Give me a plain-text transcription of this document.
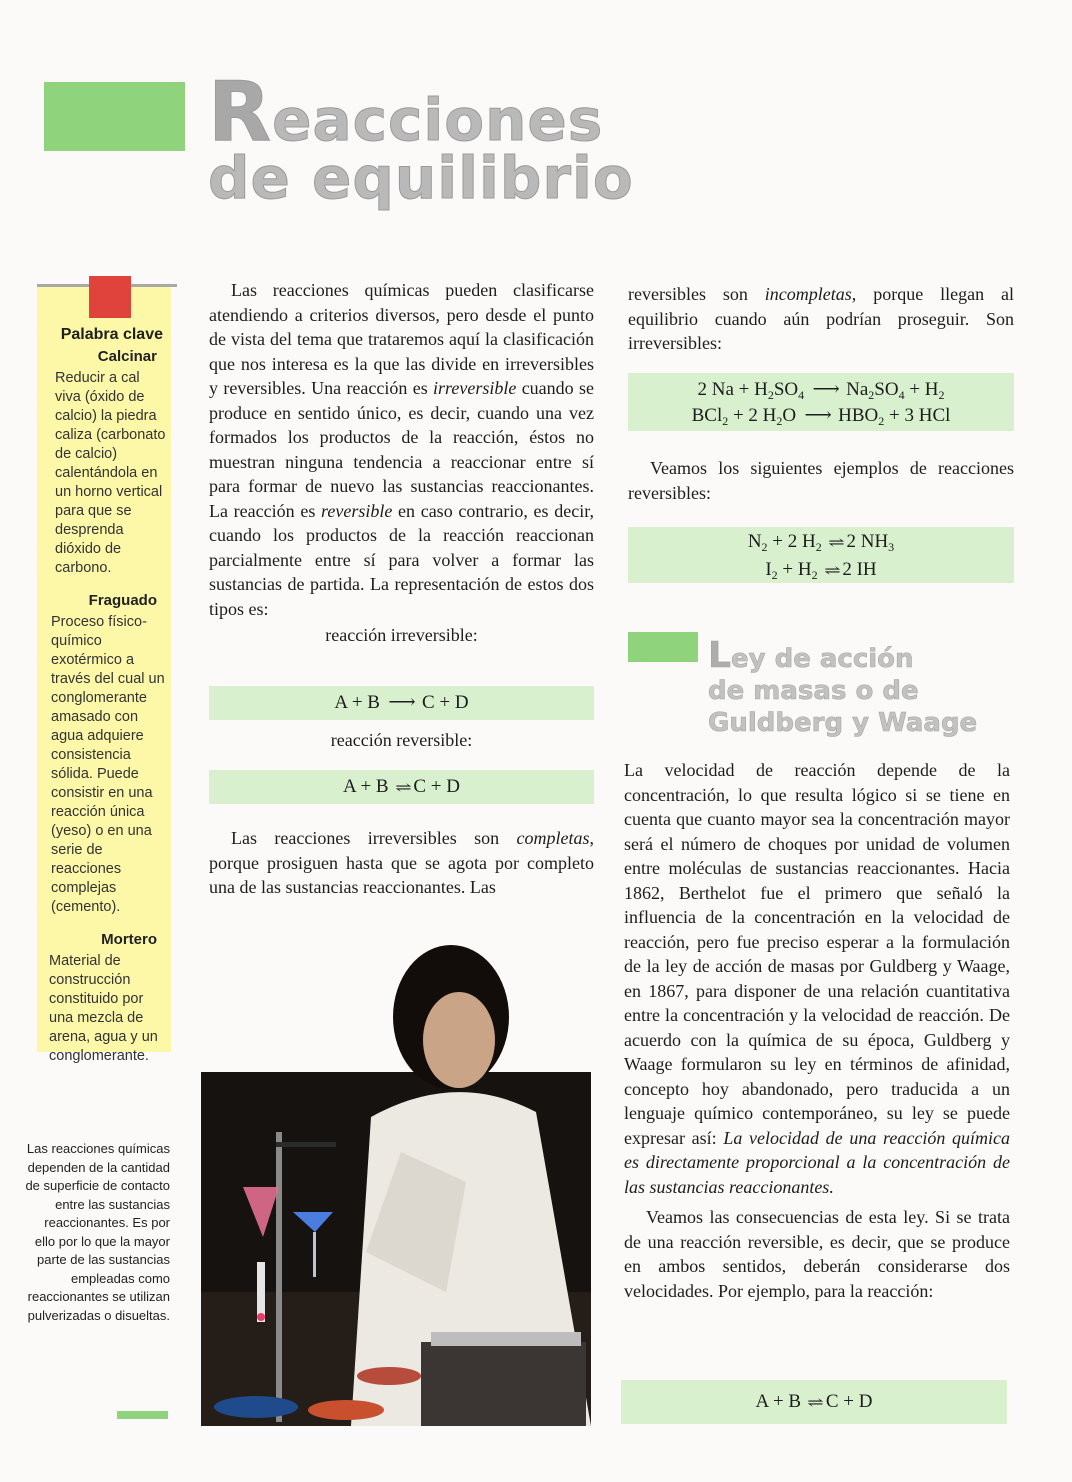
Reacciones
de equilibrio
Palabra clave
Calcinar
Reducir a cal viva (óxido de calcio) la piedra caliza (carbonato de calcio) calentándola en un horno vertical para que se desprenda dióxido de carbono.
Fraguado
Proceso físico-químico exotérmico a través del cual un conglomerante amasado con agua adquiere consistencia sólida. Puede consistir en una reacción única (yeso) o en una serie de reacciones complejas (cemento).
Mortero
Material de construcción constituido por una mezcla de arena, agua y un conglomerante.
Las reacciones químicas dependen de la cantidad de superficie de contacto entre las sustancias reaccionantes. Es por ello por lo que la mayor parte de las sustancias empleadas como reaccionantes se utilizan pulverizadas o disueltas.

Las reacciones químicas pueden clasificarse atendiendo a criterios diversos, pero desde el punto de vista del tema que trataremos aquí la clasificación que nos interesa es la que las divide en irreversibles y reversibles. Una reacción es irreversible cuando se produce en sentido único, es decir, cuando una vez formados los productos de la reacción, éstos no muestran ninguna tendencia a reaccionar entre sí para formar de nuevo las sustancias reaccionantes. La reacción es reversible en caso contrario, es decir, cuando los productos de la reacción reaccionan parcialmente entre sí para volver a formar las sustancias de partida. La representación de estos dos tipos es:

reacción irreversible:

A + B ⟶ C + D
reacción reversible:
A + B ⇌ C + D

Las reacciones irreversibles son completas, porque prosiguen hasta que se agota por completo una de las sustancias reaccionantes. Las

reversibles son incompletas, porque llegan al equilibrio cuando aún podrían proseguir. Son irreversibles:

2 $Na + H_2SO_4$ ⟶ $Na_2SO_4 + H_2$
BCl$_2$ + 2 $H_2O$ ⟶ $HBO_2 + 3$ HCl
Veamos los siguientes ejemplos de reacciones reversibles:
$N_2 + 2$ $H_2$ ⇌ 2 $NH_3$
$I_2 + H_2$ ⇌ 2 IH
Ley de acción
de masas o de
Guldberg y Waage

La velocidad de reacción depende de la concentración, lo que resulta lógico si se tiene en cuenta que cuanto mayor sea la concentración mayor será el número de choques por unidad de volumen entre moléculas de sustancias reaccionantes. Hacia 1862, Berthelot fue el primero que señaló la influencia de la concentración en la velocidad de reacción, pero fue preciso esperar a la formulación de la ley de acción de masas por Guldberg y Waage, en 1867, para disponer de una relación cuantitativa entre la concentración y la velocidad de reacción. De acuerdo con la química de su época, Guldberg y Waage formularon su ley en términos de afinidad, concepto hoy abandonado, pero traducida a un lenguaje químico contemporáneo, su ley se puede expresar así: La velocidad de una reacción química es directamente proporcional a la concentración de las sustancias reaccionantes.

Veamos las consecuencias de esta ley. Si se trata de una reacción reversible, es decir, que se produce en ambos sentidos, deberán considerarse dos velocidades. Por ejemplo, para la reacción:

A + B ⇌ C + D
